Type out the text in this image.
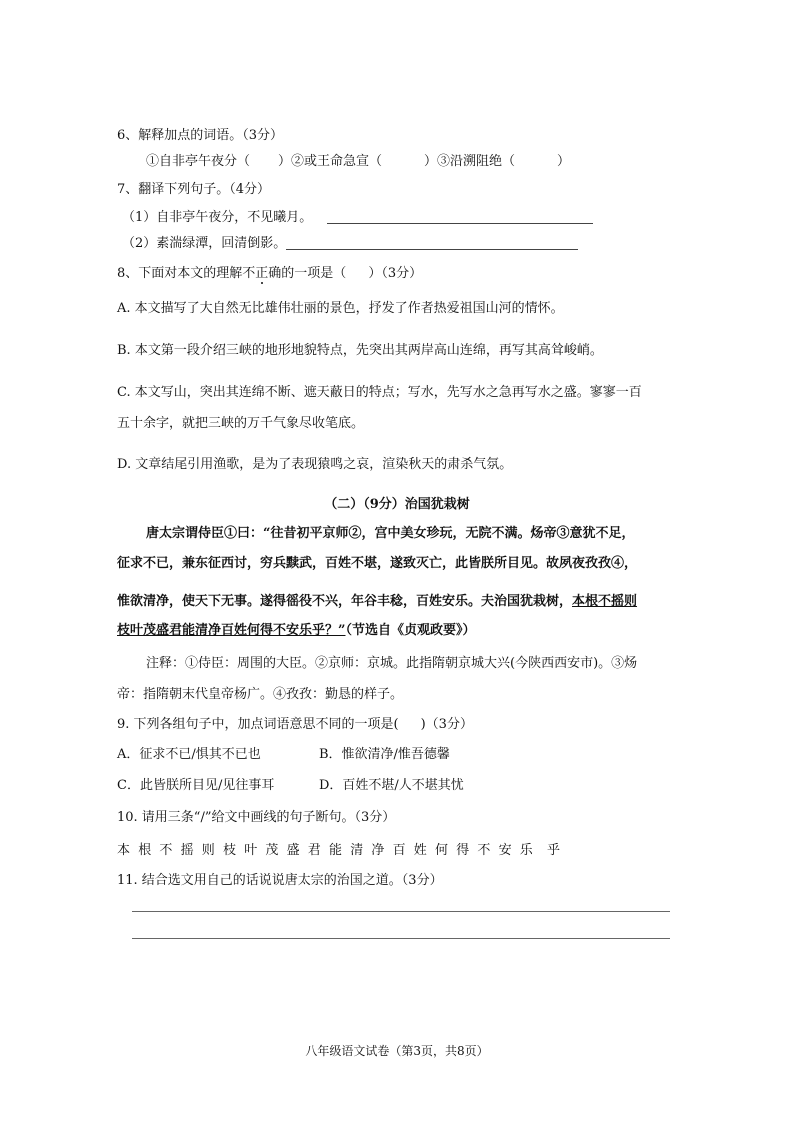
6、解释加点的词语。（3分）
①自非亭午夜分（ ）②或王命急宣（	）③沿溯阻绝（	）
7、翻译下列句子。（4分）
（1）自非亭午夜分，不见曦月。
（2）素湍绿潭，回清倒影。
8、下面对本文的理解不正确的一项是（ ）（3分）
A. 本文描写了大自然无比雄伟壮丽的景色，抒发了作者热爱祖国山河的情怀。
B. 本文第一段介绍三峡的地形地貌特点，先突出其两岸高山连绵，再写其高耸峻峭。
C. 本文写山，突出其连绵不断、遮天蔽日的特点；写水，先写水之急再写水之盛。寥寥一百
五十余字，就把三峡的万千气象尽收笔底。
D. 文章结尾引用渔歌，是为了表现猿鸣之哀，渲染秋天的肃杀气氛。
（二）（9分）治国犹栽树
唐太宗谓侍臣①曰：“往昔初平京师②，宫中美女珍玩，无院不满。炀帝③意犹不足，
征求不已，兼东征西讨，穷兵黩武，百姓不堪，遂致灭亡，此皆朕所目见。故夙夜孜孜④，
惟欲清净，使天下无事。遂得徭役不兴，年谷丰稔，百姓安乐。夫治国犹栽树，本根不摇则
枝叶茂盛君能清净百姓何得不安乐乎？”（节选自《贞观政要》）
注释：①侍臣：周围的大臣。②京师：京城。此指隋朝京城大兴(今陕西西安市)。③炀
帝：指隋朝末代皇帝杨广。④孜孜：勤恳的样子。
9. 下列各组句子中，加点词语意思不同的一项是( )（3分）
A．征求不已/惧其不已也	B．惟欲清净/惟吾德馨
C．此皆朕所目见/见往事耳	D．百姓不堪/人不堪其忧
10. 请用三条“/”给文中画线的句子断句。（3分）
本根不摇则枝叶茂盛君能清净百姓何得不安乐 乎
11. 结合选文用自己的话说说唐太宗的治国之道。（3分）
八年级语文试卷（第3页，共8页）
